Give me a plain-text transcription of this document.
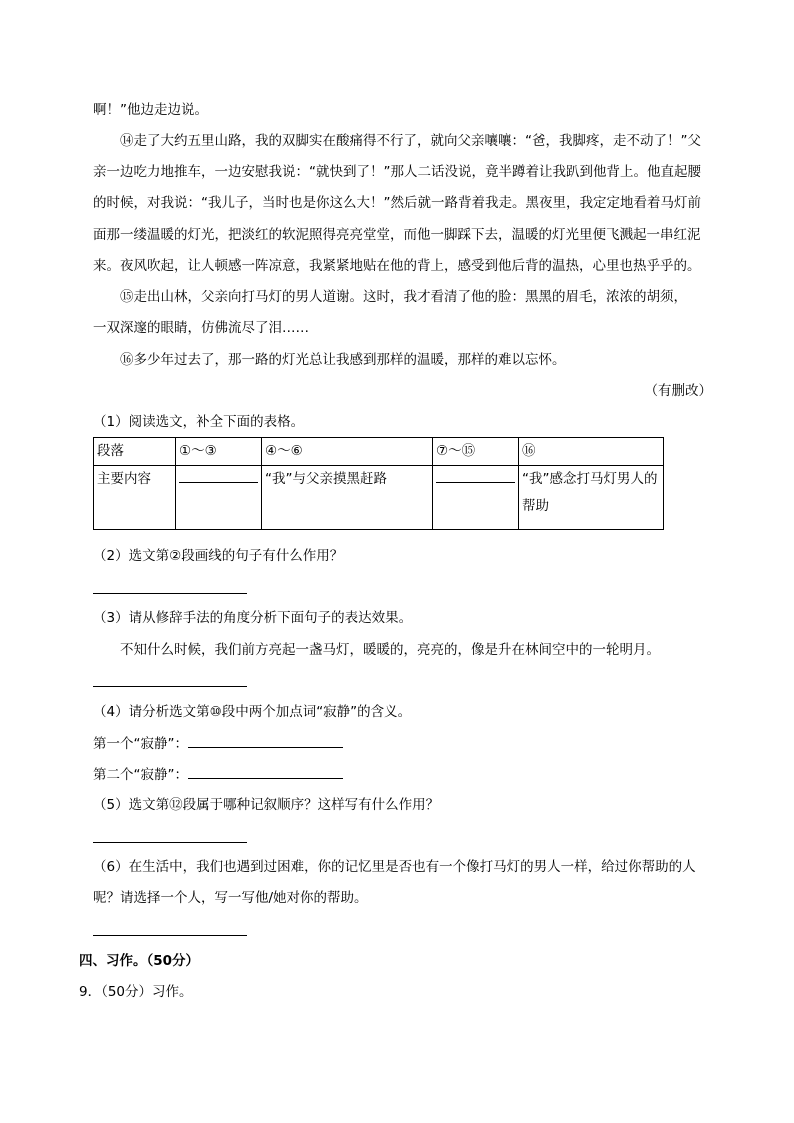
啊！”他边走边说。
⑭走了大约五里山路，我的双脚实在酸痛得不行了，就向父亲嚷嚷：“爸，我脚疼，走不动了！”父
亲一边吃力地推车，一边安慰我说：“就快到了！”那人二话没说，竟半蹲着让我趴到他背上。他直起腰
的时候，对我说：“我儿子，当时也是你这么大！”然后就一路背着我走。黑夜里，我定定地看着马灯前
面那一缕温暖的灯光，把淡红的软泥照得亮亮堂堂，而他一脚踩下去，温暖的灯光里便飞溅起一串红泥
来。夜风吹起，让人顿感一阵凉意，我紧紧地贴在他的背上，感受到他后背的温热，心里也热乎乎的。
⑮走出山林，父亲向打马灯的男人道谢。这时，我才看清了他的脸：黑黑的眉毛，浓浓的胡须，
一双深邃的眼睛，仿佛流尽了泪……
⑯多少年过去了，那一路的灯光总让我感到那样的温暖，那样的难以忘怀。
（有删改）
（1）阅读选文，补全下面的表格。
段落	①～③	④～⑥	⑦～⑮	⑯
主要内容		“我”与父亲摸黑赶路		“我”感念打马灯男人的
帮助
（2）选文第②段画线的句子有什么作用？
（3）请从修辞手法的角度分析下面句子的表达效果。
不知什么时候，我们前方亮起一盏马灯，暖暖的，亮亮的，像是升在林间空中的一轮明月。
（4）请分析选文第⑩段中两个加点词“寂静”的含义。
第一个“寂静”：
第二个“寂静”：
（5）选文第⑫段属于哪种记叙顺序？这样写有什么作用？
（6）在生活中，我们也遇到过困难，你的记忆里是否也有一个像打马灯的男人一样，给过你帮助的人
呢？请选择一个人，写一写他/她对你的帮助。
四、习作。（50分）
9．（50分）习作。
